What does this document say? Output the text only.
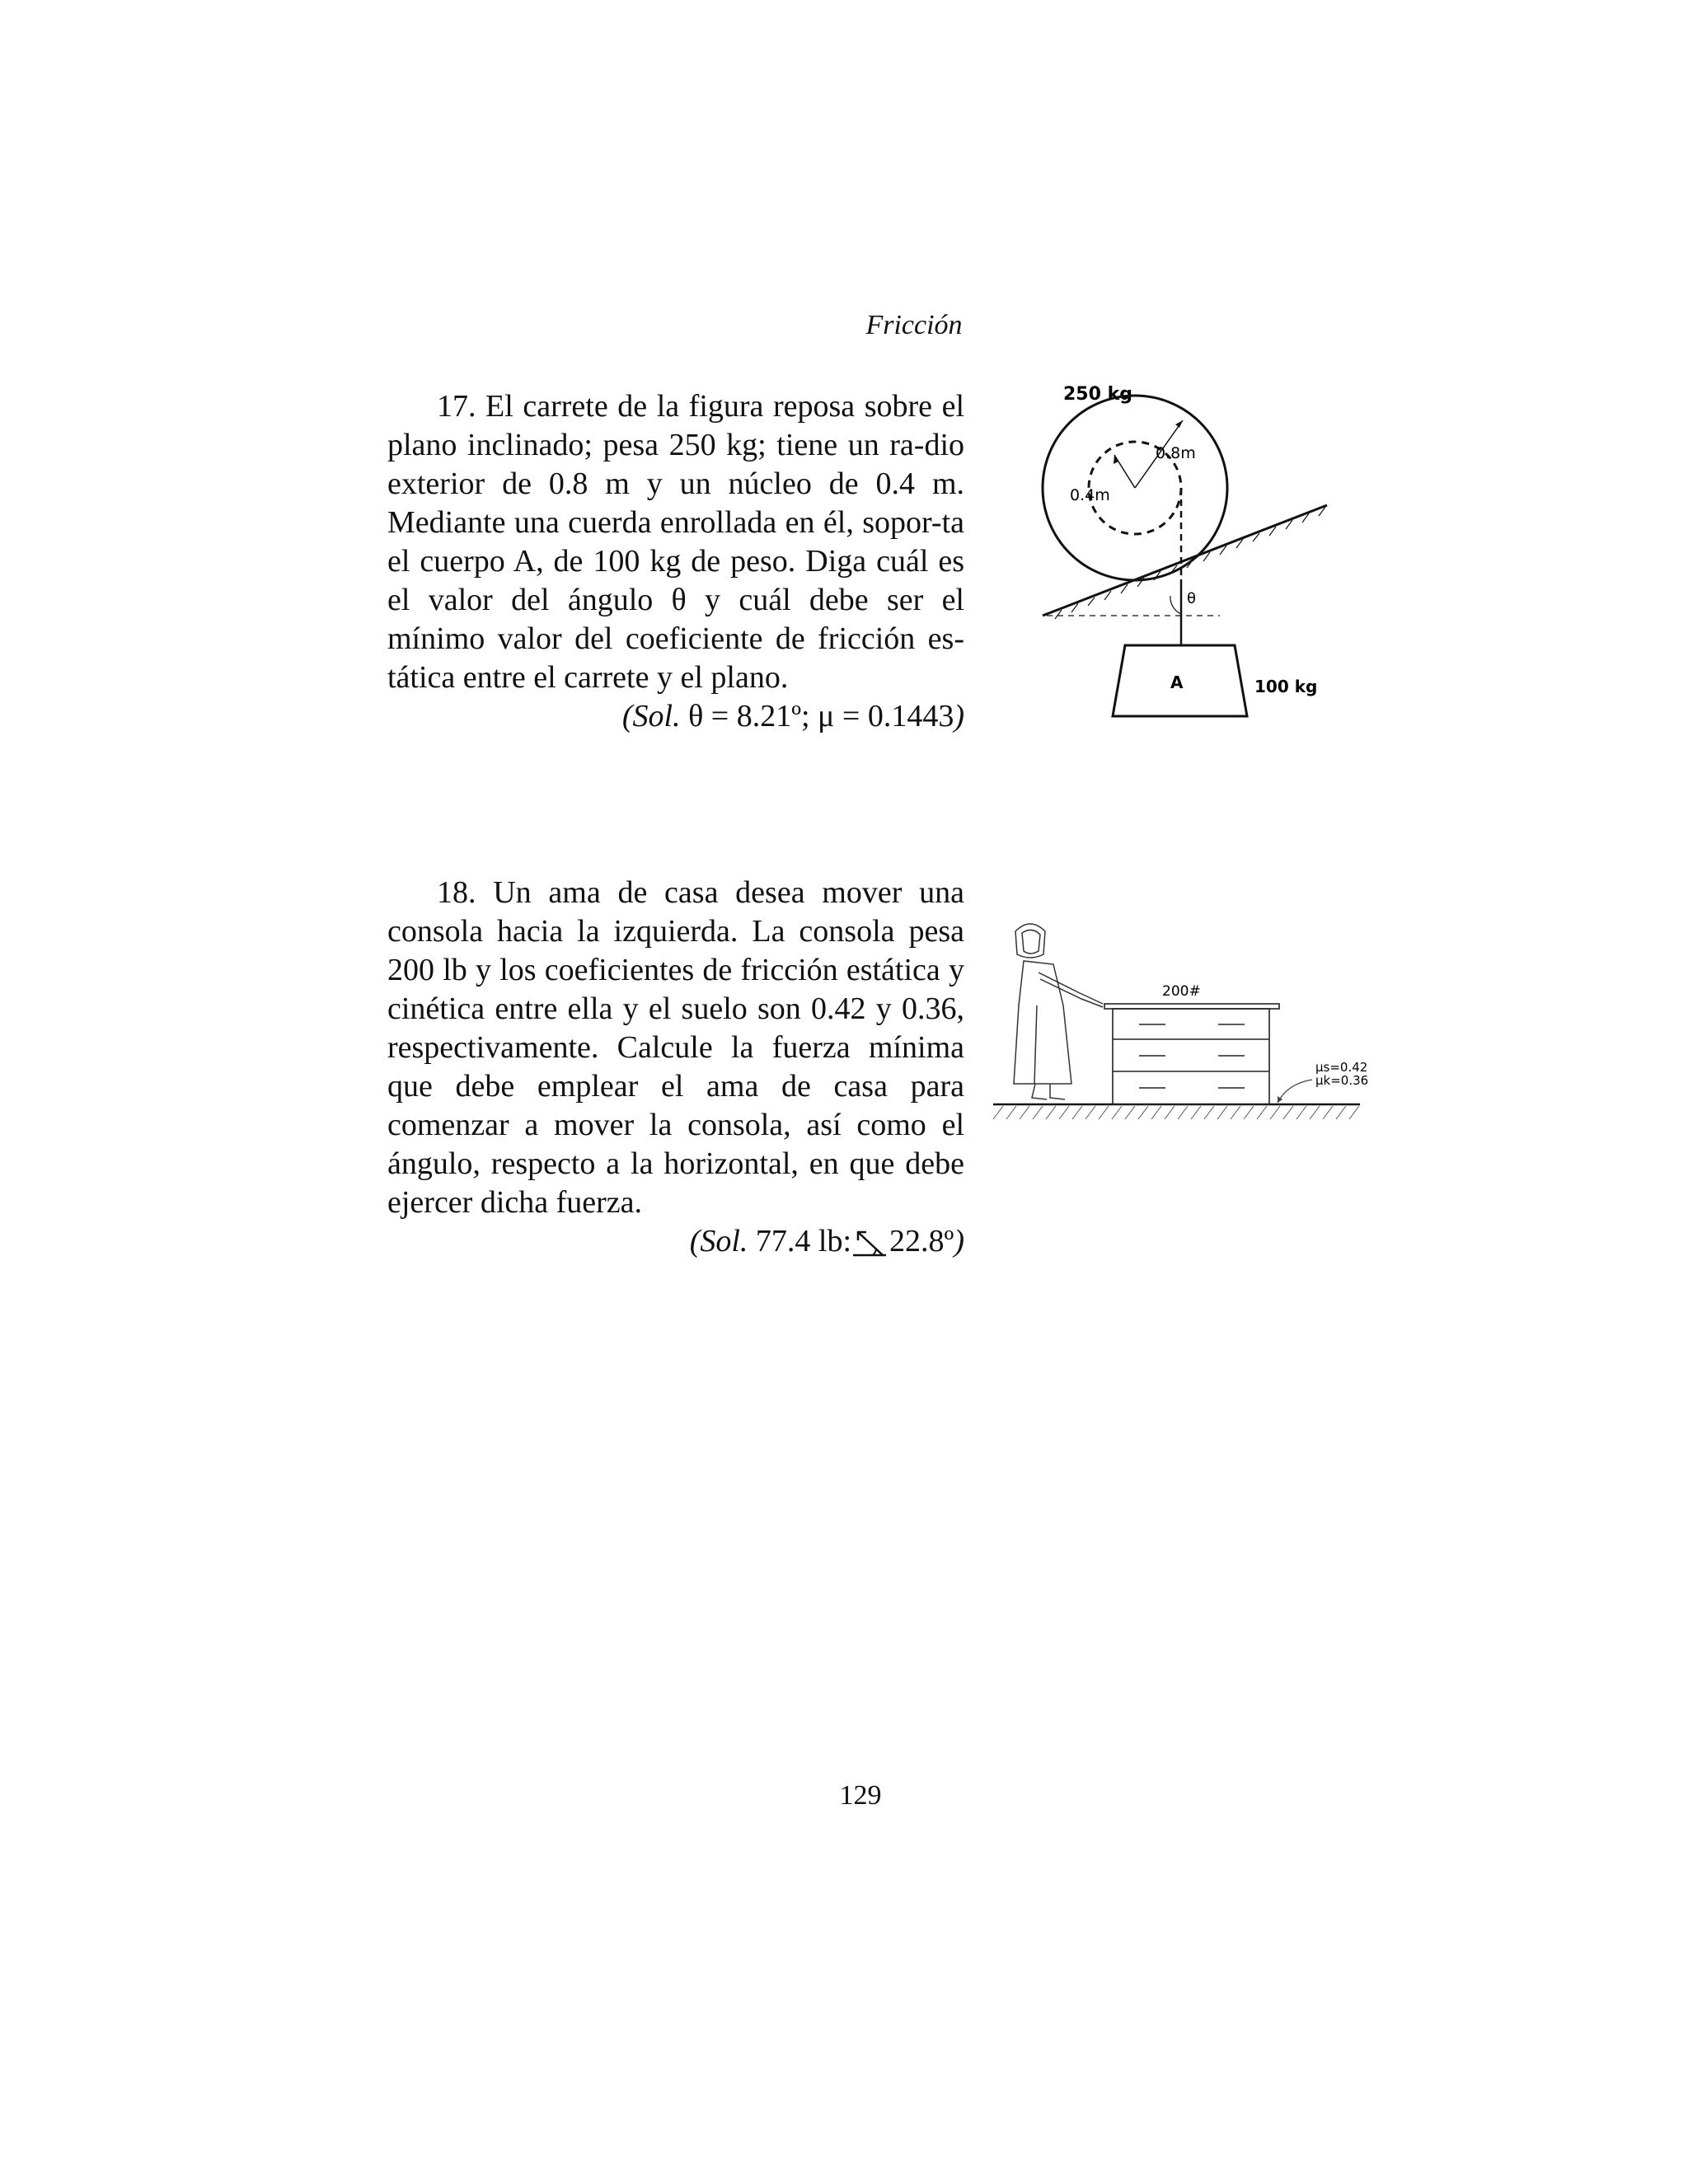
Fricción

17. El carrete de la figura reposa sobre el plano inclinado; pesa 250 kg; tiene un ra-dio exterior de 0.8 m y un núcleo de 0.4 m. Mediante una cuerda enrollada en él, sopor-ta el cuerpo A, de 100 kg de peso. Diga cuál es el valor del ángulo θ y cuál debe ser el mínimo valor del coeficiente de fricción es-tática entre el carrete y el plano.

(Sol. θ = 8.21º; μ = 0.1443)
250 kg
0.8m
0.4m
θ
A	100 kg

18. Un ama de casa desea mover una consola hacia la izquierda. La consola pesa 200 lb y los coeficientes de fricción estática y cinética entre ella y el suelo son 0.42 y 0.36, respectivamente. Calcule la fuerza mínima que debe emplear el ama de casa para comenzar a mover la consola, así como el ángulo, respecto a la horizontal, en que debe ejercer dicha fuerza.

(Sol. 77.4 lb: 22.8º)
200#
μs=0.42
μk=0.36
129
